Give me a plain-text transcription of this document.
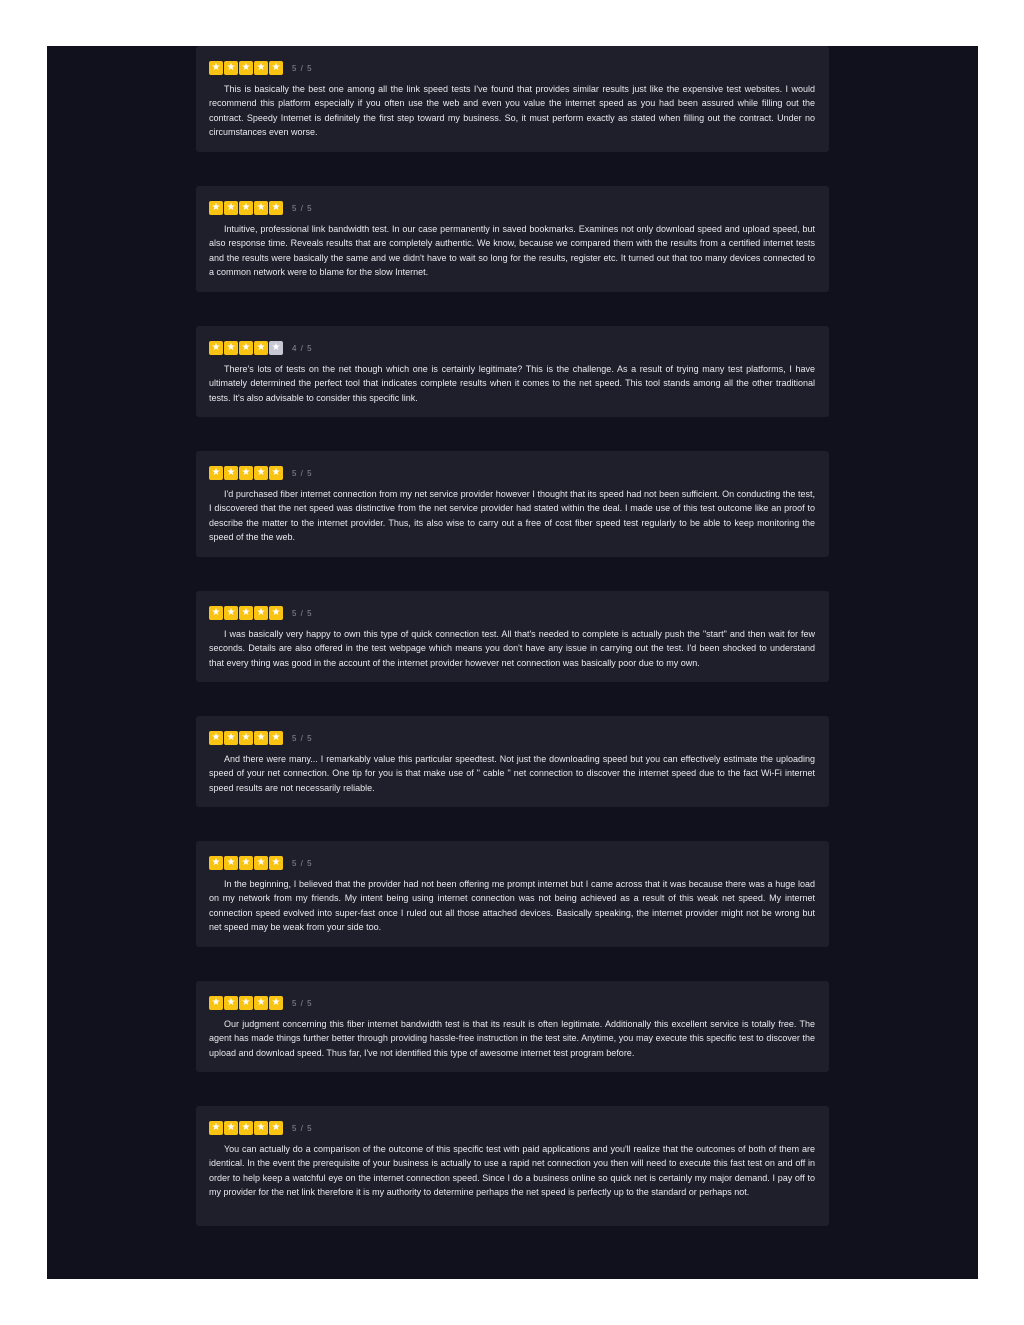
★ ★ ★ ★ ★	5 / 5

This is basically the best one among all the link speed tests I've found that provides similar results just like the expensive test websites. I would recommend this platform especially if you often use the web and even you value the internet speed as you had been assured while filling out the contract. Speedy Internet is definitely the first step toward my business. So, it must perform exactly as stated when filling out the contract. Under no circumstances even worse.

★ ★ ★ ★ ★	5 / 5

Intuitive, professional link bandwidth test. In our case permanently in saved bookmarks. Examines not only download speed and upload speed, but also response time. Reveals results that are completely authentic. We know, because we compared them with the results from a certified internet tests and the results were basically the same and we didn't have to wait so long for the results, register etc. It turned out that too many devices connected to a common network were to blame for the slow Internet.

★ ★ ★ ★ ★	4 / 5

There's lots of tests on the net though which one is certainly legitimate? This is the challenge. As a result of trying many test platforms, I have ultimately determined the perfect tool that indicates complete results when it comes to the net speed. This tool stands among all the other traditional tests. It's also advisable to consider this specific link.

★ ★ ★ ★ ★	5 / 5

I'd purchased fiber internet connection from my net service provider however I thought that its speed had not been sufficient. On conducting the test, I discovered that the net speed was distinctive from the net service provider had stated within the deal. I made use of this test outcome like an proof to describe the matter to the internet provider. Thus, its also wise to carry out a free of cost fiber speed test regularly to be able to keep monitoring the speed of the the web.

★ ★ ★ ★ ★	5 / 5

I was basically very happy to own this type of quick connection test. All that's needed to complete is actually push the "start" and then wait for few seconds. Details are also offered in the test webpage which means you don't have any issue in carrying out the test. I'd been shocked to understand that every thing was good in the account of the internet provider however net connection was basically poor due to my own.

★ ★ ★ ★ ★	5 / 5

And there were many... I remarkably value this particular speedtest. Not just the downloading speed but you can effectively estimate the uploading speed of your net connection. One tip for you is that make use of " cable " net connection to discover the internet speed due to the fact Wi-Fi internet speed results are not necessarily reliable.

★ ★ ★ ★ ★	5 / 5

In the beginning, I believed that the provider had not been offering me prompt internet but I came across that it was because there was a huge load on my network from my friends. My intent being using internet connection was not being achieved as a result of this weak net speed. My internet connection speed evolved into super-fast once I ruled out all those attached devices. Basically speaking, the internet provider might not be wrong but net speed may be weak from your side too.

★ ★ ★ ★ ★	5 / 5

Our judgment concerning this fiber internet bandwidth test is that its result is often legitimate. Additionally this excellent service is totally free. The agent has made things further better through providing hassle-free instruction in the test site. Anytime, you may execute this specific test to discover the upload and download speed. Thus far, I've not identified this type of awesome internet test program before.

★ ★ ★ ★ ★	5 / 5

You can actually do a comparison of the outcome of this specific test with paid applications and you'll realize that the outcomes of both of them are identical. In the event the prerequisite of your business is actually to use a rapid net connection you then will need to execute this fast test on and off in order to help keep a watchful eye on the internet connection speed. Since I do a business online so quick net is certainly my major demand. I pay off to my provider for the net link therefore it is my authority to determine perhaps the net speed is perfectly up to the standard or perhaps not.
